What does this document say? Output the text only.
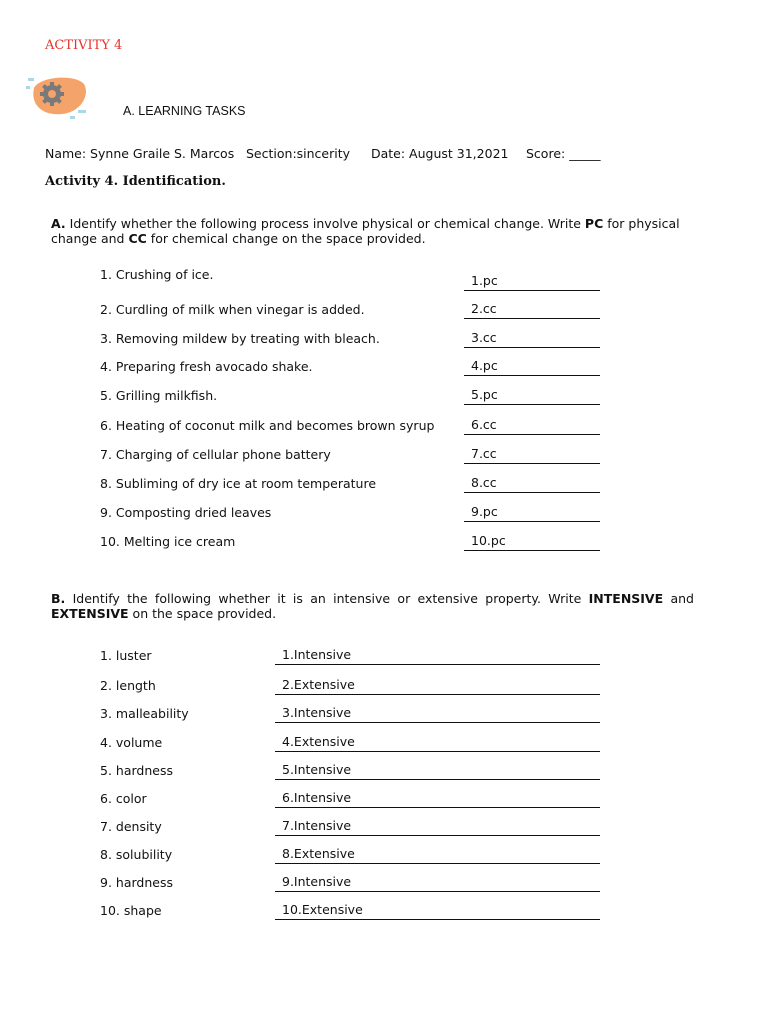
ACTIVITY 4
A. LEARNING TASKS
Name: Synne Graile S. Marcos Section:sincerity Date: August 31,2021 Score: _____
Activity 4. Identification.
A. Identify whether the following process involve physical or chemical change. Write PC for physical change and CC for chemical change on the space provided.
1. Crushing of ice.	1.pc
2. Curdling of milk when vinegar is added.	2.cc
3. Removing mildew by treating with bleach.	3.cc
4. Preparing fresh avocado shake.	4.pc
5. Grilling milkfish.	5.pc
6. Heating of coconut milk and becomes brown syrup	6.cc
7. Charging of cellular phone battery	7.cc
8. Subliming of dry ice at room temperature	8.cc
9. Composting dried leaves	9.pc
10. Melting ice cream	10.pc
B. Identify the following whether it is an intensive or extensive property. Write INTENSIVE and EXTENSIVE on the space provided.
1. luster	1.Intensive
2. length	2.Extensive
3. malleability	3.Intensive
4. volume	4.Extensive
5. hardness	5.Intensive
6. color	6.Intensive
7. density	7.Intensive
8. solubility	8.Extensive
9. hardness	9.Intensive
10. shape	10.Extensive
